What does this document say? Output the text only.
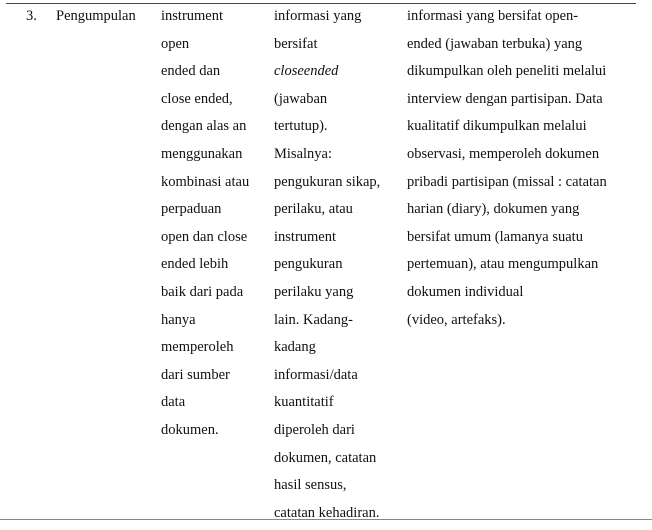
3. Pengumpulan instrument
open
ended dan
close ended,
dengan alas an
menggunakan
kombinasi atau
perpaduan
open dan close
ended lebih
baik dari pada
hanya
memperoleh
dari sumber
data
dokumen.
informasi yang
bersifat
closeended
(jawaban
tertutup).
Misalnya:
pengukuran sikap,
perilaku, atau
instrument
pengukuran
perilaku yang
lain. Kadang-
kadang
informasi/data
kuantitatif
diperoleh dari
dokumen, catatan
hasil sensus,
catatan kehadiran.
informasi yang bersifat open-
ended (jawaban terbuka) yang
dikumpulkan oleh peneliti melalui
interview dengan partisipan. Data
kualitatif dikumpulkan melalui
observasi, memperoleh dokumen
pribadi partisipan (missal : catatan
harian (diary), dokumen yang
bersifat umum (lamanya suatu
pertemuan), atau mengumpulkan
dokumen individual
(video, artefaks).
